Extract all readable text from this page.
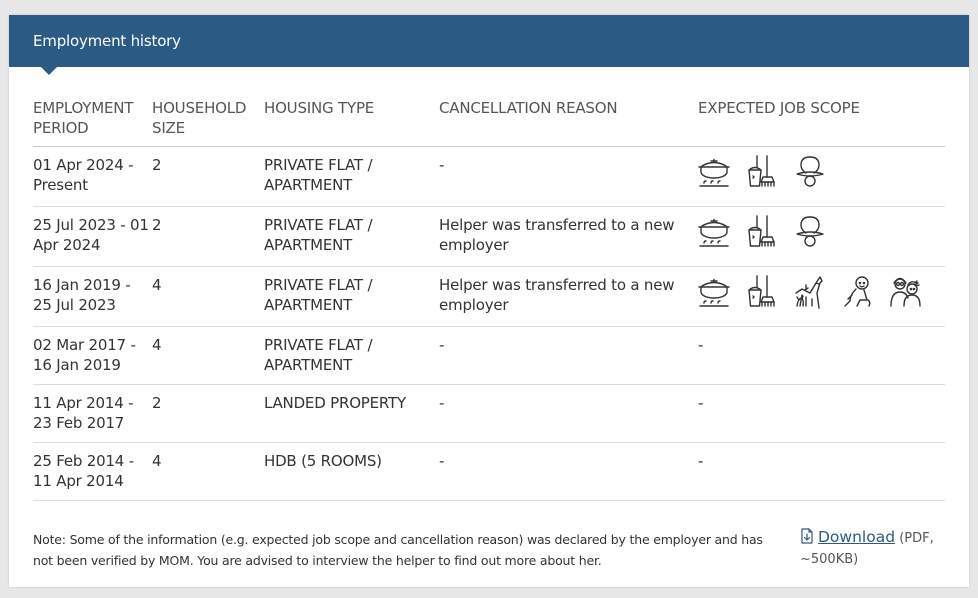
Employment history
EMPLOYMENT PERIOD	HOUSEHOLD SIZE	HOUSING TYPE	CANCELLATION REASON	EXPECTED JOB SCOPE
01 Apr 2024 - Present	2	PRIVATE FLAT / APARTMENT	-	

25 Jul 2023 - 01 Apr 2024	2	PRIVATE FLAT / APARTMENT	Helper was transferred to a new employer	

16 Jan 2019 - 25 Jul 2023	4	PRIVATE FLAT / APARTMENT	Helper was transferred to a new employer	

02 Mar 2017 - 16 Jan 2019	4	PRIVATE FLAT / APARTMENT	-	-
11 Apr 2014 - 23 Feb 2017	2	LANDED PROPERTY	-	-
25 Feb 2014 - 11 Apr 2014	4	HDB (5 ROOMS)	-	-
Note: Some of the information (e.g. expected job scope and cancellation reason) was declared by the employer and has not been verified by MOM. You are advised to interview the helper to find out more about her.
Download (PDF, ~500KB)
